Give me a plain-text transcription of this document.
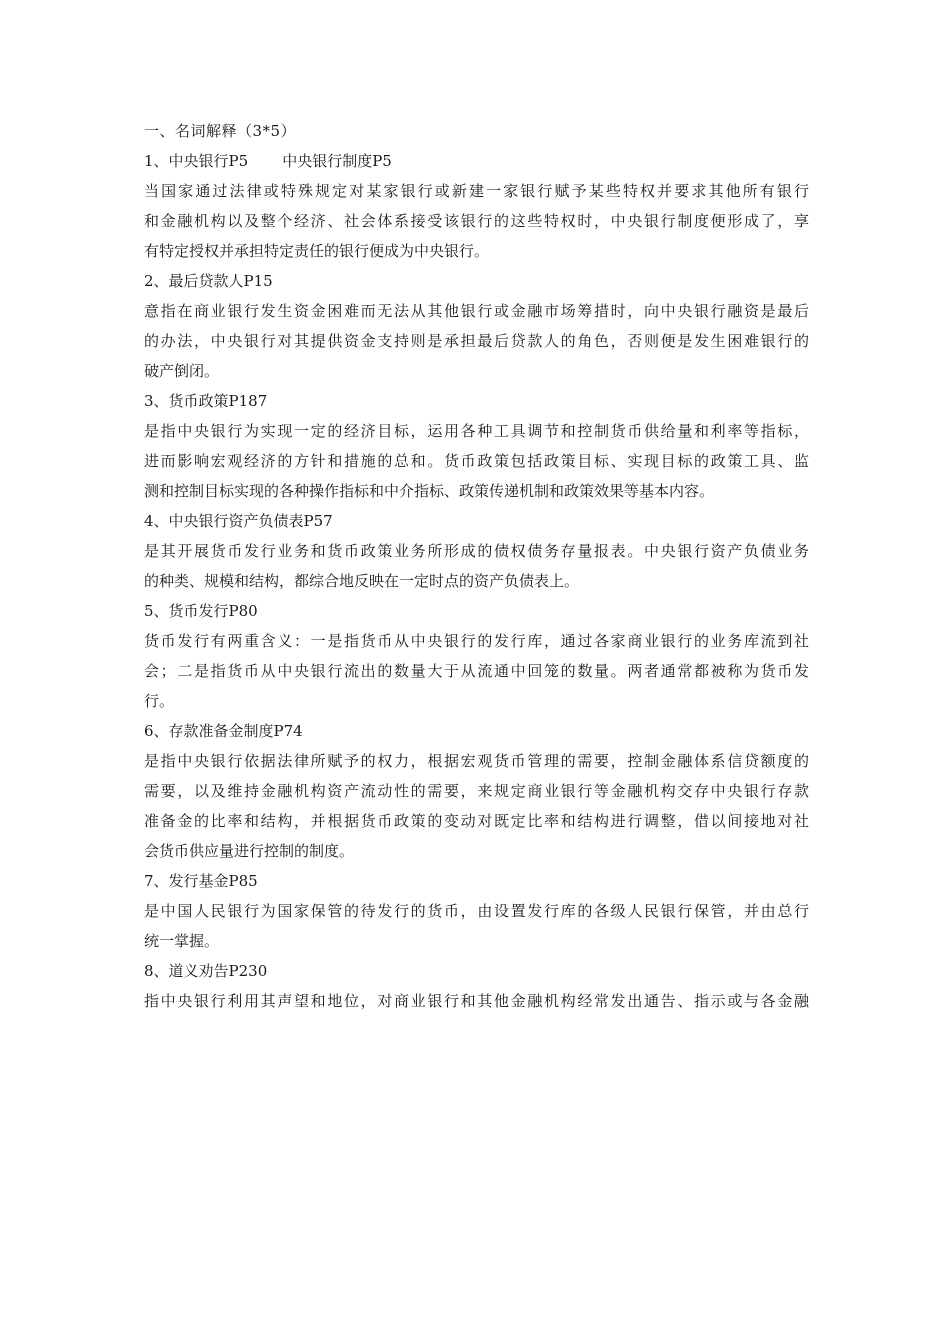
一、名词解释（3*5）
1、中央银行P5 中央银行制度P5
当国家通过法律或特殊规定对某家银行或新建一家银行赋予某些特权并要求其他所有银行
和金融机构以及整个经济、社会体系接受该银行的这些特权时，中央银行制度便形成了，享
有特定授权并承担特定责任的银行便成为中央银行。
2、最后贷款人P15
意指在商业银行发生资金困难而无法从其他银行或金融市场筹措时，向中央银行融资是最后
的办法，中央银行对其提供资金支持则是承担最后贷款人的角色，否则便是发生困难银行的
破产倒闭。
3、货币政策P187
是指中央银行为实现一定的经济目标，运用各种工具调节和控制货币供给量和利率等指标，
进而影响宏观经济的方针和措施的总和。货币政策包括政策目标、实现目标的政策工具、监
测和控制目标实现的各种操作指标和中介指标、政策传递机制和政策效果等基本内容。
4、中央银行资产负债表P57
是其开展货币发行业务和货币政策业务所形成的债权债务存量报表。中央银行资产负债业务
的种类、规模和结构，都综合地反映在一定时点的资产负债表上。
5、货币发行P80
货币发行有两重含义：一是指货币从中央银行的发行库，通过各家商业银行的业务库流到社
会；二是指货币从中央银行流出的数量大于从流通中回笼的数量。两者通常都被称为货币发
行。
6、存款准备金制度P74
是指中央银行依据法律所赋予的权力，根据宏观货币管理的需要，控制金融体系信贷额度的
需要，以及维持金融机构资产流动性的需要，来规定商业银行等金融机构交存中央银行存款
准备金的比率和结构，并根据货币政策的变动对既定比率和结构进行调整，借以间接地对社
会货币供应量进行控制的制度。
7、发行基金P85
是中国人民银行为国家保管的待发行的货币，由设置发行库的各级人民银行保管，并由总行
统一掌握。
8、道义劝告P230
指中央银行利用其声望和地位，对商业银行和其他金融机构经常发出通告、指示或与各金融
